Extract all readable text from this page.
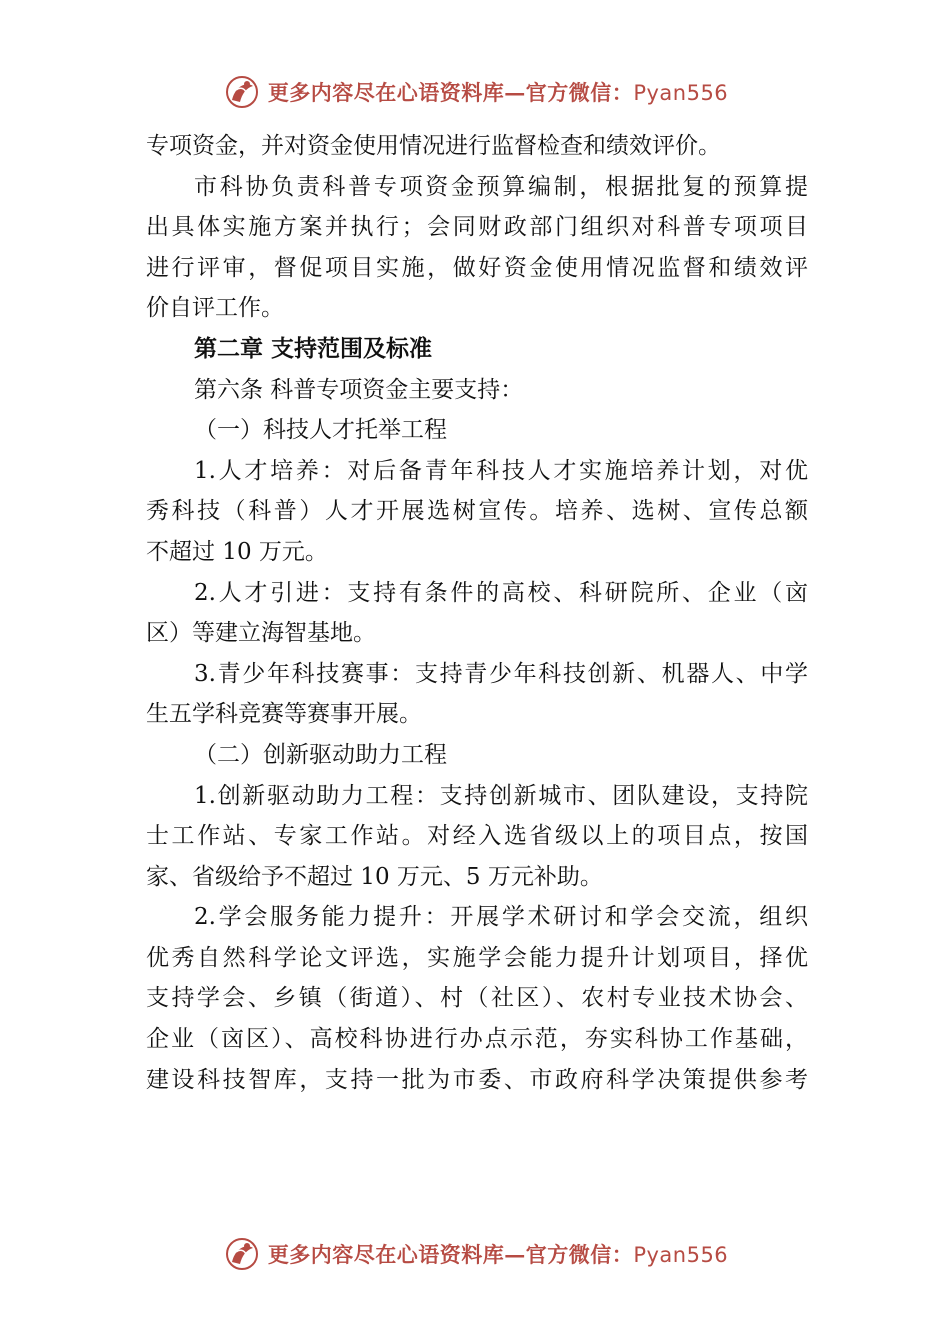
更多内容尽在心语资料库—官方微信：Pyan556
专项资金，并对资金使用情况进行监督检查和绩效评价。
市科协负责科普专项资金预算编制，根据批复的预算提
出具体实施方案并执行；会同财政部门组织对科普专项项目
进行评审，督促项目实施，做好资金使用情况监督和绩效评
价自评工作。
第二章 支持范围及标准
第六条 科普专项资金主要支持：
（一）科技人才托举工程
1.人才培养：对后备青年科技人才实施培养计划，对优
秀科技（科普）人才开展选树宣传。培养、选树、宣传总额
不超过 10 万元。
2.人才引进：支持有条件的高校、科研院所、企业（㐫
区）等建立海智基地。
3.青少年科技赛事：支持青少年科技创新、机器人、中学
生五学科竞赛等赛事开展。
（二）创新驱动助力工程
1.创新驱动助力工程：支持创新城市、团队建设，支持院
士工作站、专家工作站。对经入选省级以上的项目点，按国
家、省级给予不超过 10 万元、5 万元补助。
2.学会服务能力提升：开展学术研讨和学会交流，组织
优秀自然科学论文评选，实施学会能力提升计划项目，择优
支持学会、乡镇（街道）、村（社区）、农村专业技术协会、
企业（㐫区）、高校科协进行办点示范，夯实科协工作基础，
建设科技智库，支持一批为市委、市政府科学决策提供参考
更多内容尽在心语资料库—官方微信：Pyan556
